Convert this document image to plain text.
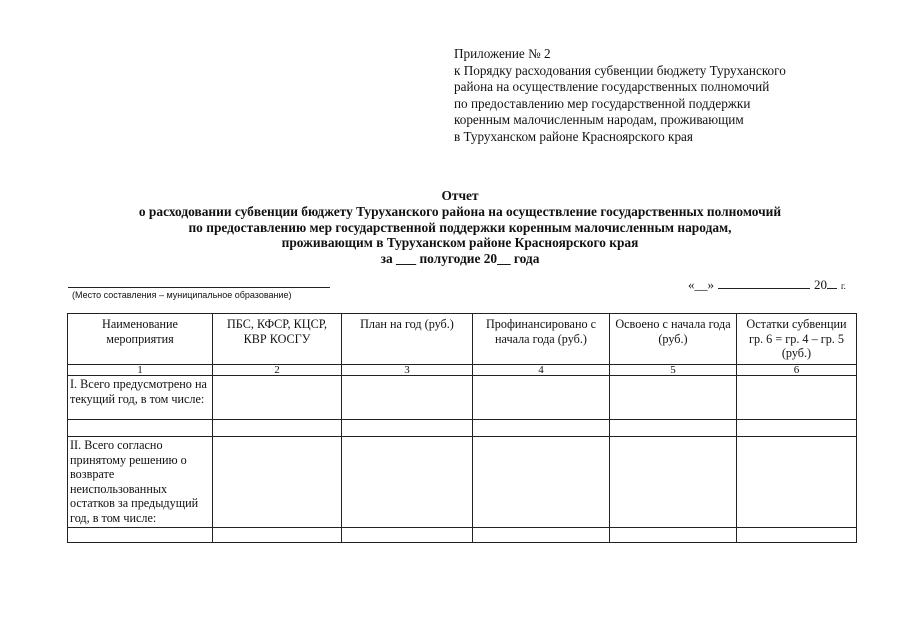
Приложение № 2
к Порядку расходования субвенции бюджету Туруханского
района на осуществление государственных полномочий
по предоставлению мер государственной поддержки
коренным малочисленным народам, проживающим
в Туруханском районе Красноярского края
Отчет
о расходовании субвенции бюджету Туруханского района на осуществление государственных полномочий
по предоставлению мер государственной поддержки коренным малочисленным народам,
проживающим в Туруханском районе Красноярского края
за ___ полугодие 20__ года
(Место составления – муниципальное образование)
«__»	20 г.
Наименование мероприятия	ПБС, КФСР, КЦСР, КВР КОСГУ	План на год (руб.)	Профинансировано с начала года (руб.)	Освоено с начала года (руб.)	Остатки субвенции гр. 6 = гр. 4 – гр. 5 (руб.)
1	2	3	4	5	6
I. Всего предусмотрено на текущий год, в том числе:					

II. Всего согласно принятому решению о возврате неиспользованных остатков за предыдущий год, в том числе:					
